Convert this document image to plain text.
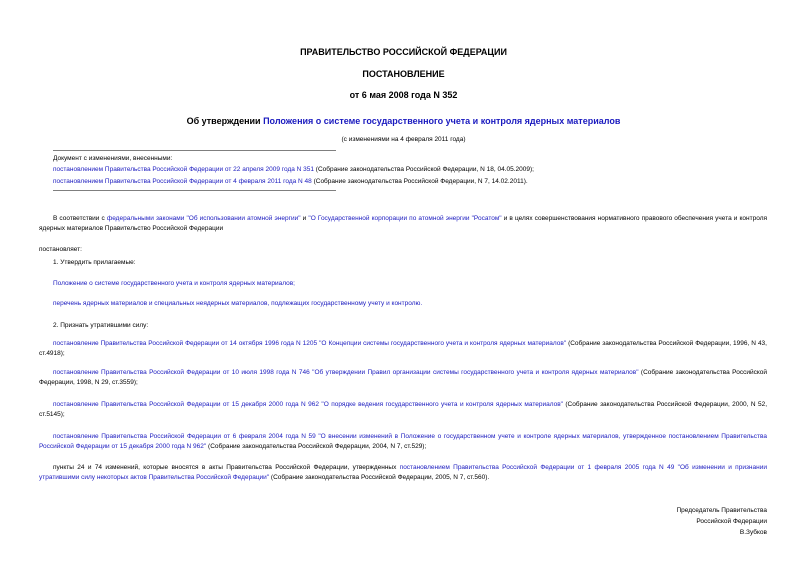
ПРАВИТЕЛЬСТВО РОССИЙСКОЙ ФЕДЕРАЦИИ
ПОСТАНОВЛЕНИЕ
от 6 мая 2008 года N 352
Об утверждении Положения о системе государственного учета и контроля ядерных материалов
(с изменениями на 4 февраля 2011 года)
Документ с изменениями, внесенными:
постановлением Правительства Российской Федерации от 22 апреля 2009 года N 351 (Собрание законодательства Российской Федерации, N 18, 04.05.2009);
постановлением Правительства Российской Федерации от 4 февраля 2011 года N 48 (Собрание законодательства Российской Федерации, N 7, 14.02.2011).
В соответствии с федеральными законами "Об использовании атомной энергии" и "О Государственной корпорации по атомной энергии "Росатом" и в целях совершенствования нормативного правового обеспечения учета и контроля ядерных материалов Правительство Российской Федерации
постановляет:
1. Утвердить прилагаемые:
Положение о системе государственного учета и контроля ядерных материалов;
перечень ядерных материалов и специальных неядерных материалов, подлежащих государственному учету и контролю.
2. Признать утратившими силу:
постановление Правительства Российской Федерации от 14 октября 1996 года N 1205 "О Концепции системы государственного учета и контроля ядерных материалов" (Собрание законодательства Российской Федерации, 1996, N 43, ст.4918);
постановление Правительства Российской Федерации от 10 июля 1998 года N 746 "Об утверждении Правил организации системы государственного учета и контроля ядерных материалов" (Собрание законодательства Российской Федерации, 1998, N 29, ст.3559);
постановление Правительства Российской Федерации от 15 декабря 2000 года N 962 "О порядке ведения государственного учета и контроля ядерных материалов" (Собрание законодательства Российской Федерации, 2000, N 52, ст.5145);
постановление Правительства Российской Федерации от 6 февраля 2004 года N 59 "О внесении изменений в Положение о государственном учете и контроле ядерных материалов, утвержденное постановлением Правительства Российской Федерации от 15 декабря 2000 года N 962" (Собрание законодательства Российской Федерации, 2004, N 7, ст.529);
пункты 24 и 74 изменений, которые вносятся в акты Правительства Российской Федерации, утвержденных постановлением Правительства Российской Федерации от 1 февраля 2005 года N 49 "Об изменении и признании утратившими силу некоторых актов Правительства Российской Федерации" (Собрание законодательства Российской Федерации, 2005, N 7, ст.560).
Председатель Правительства
Российской Федерации
В.Зубков
